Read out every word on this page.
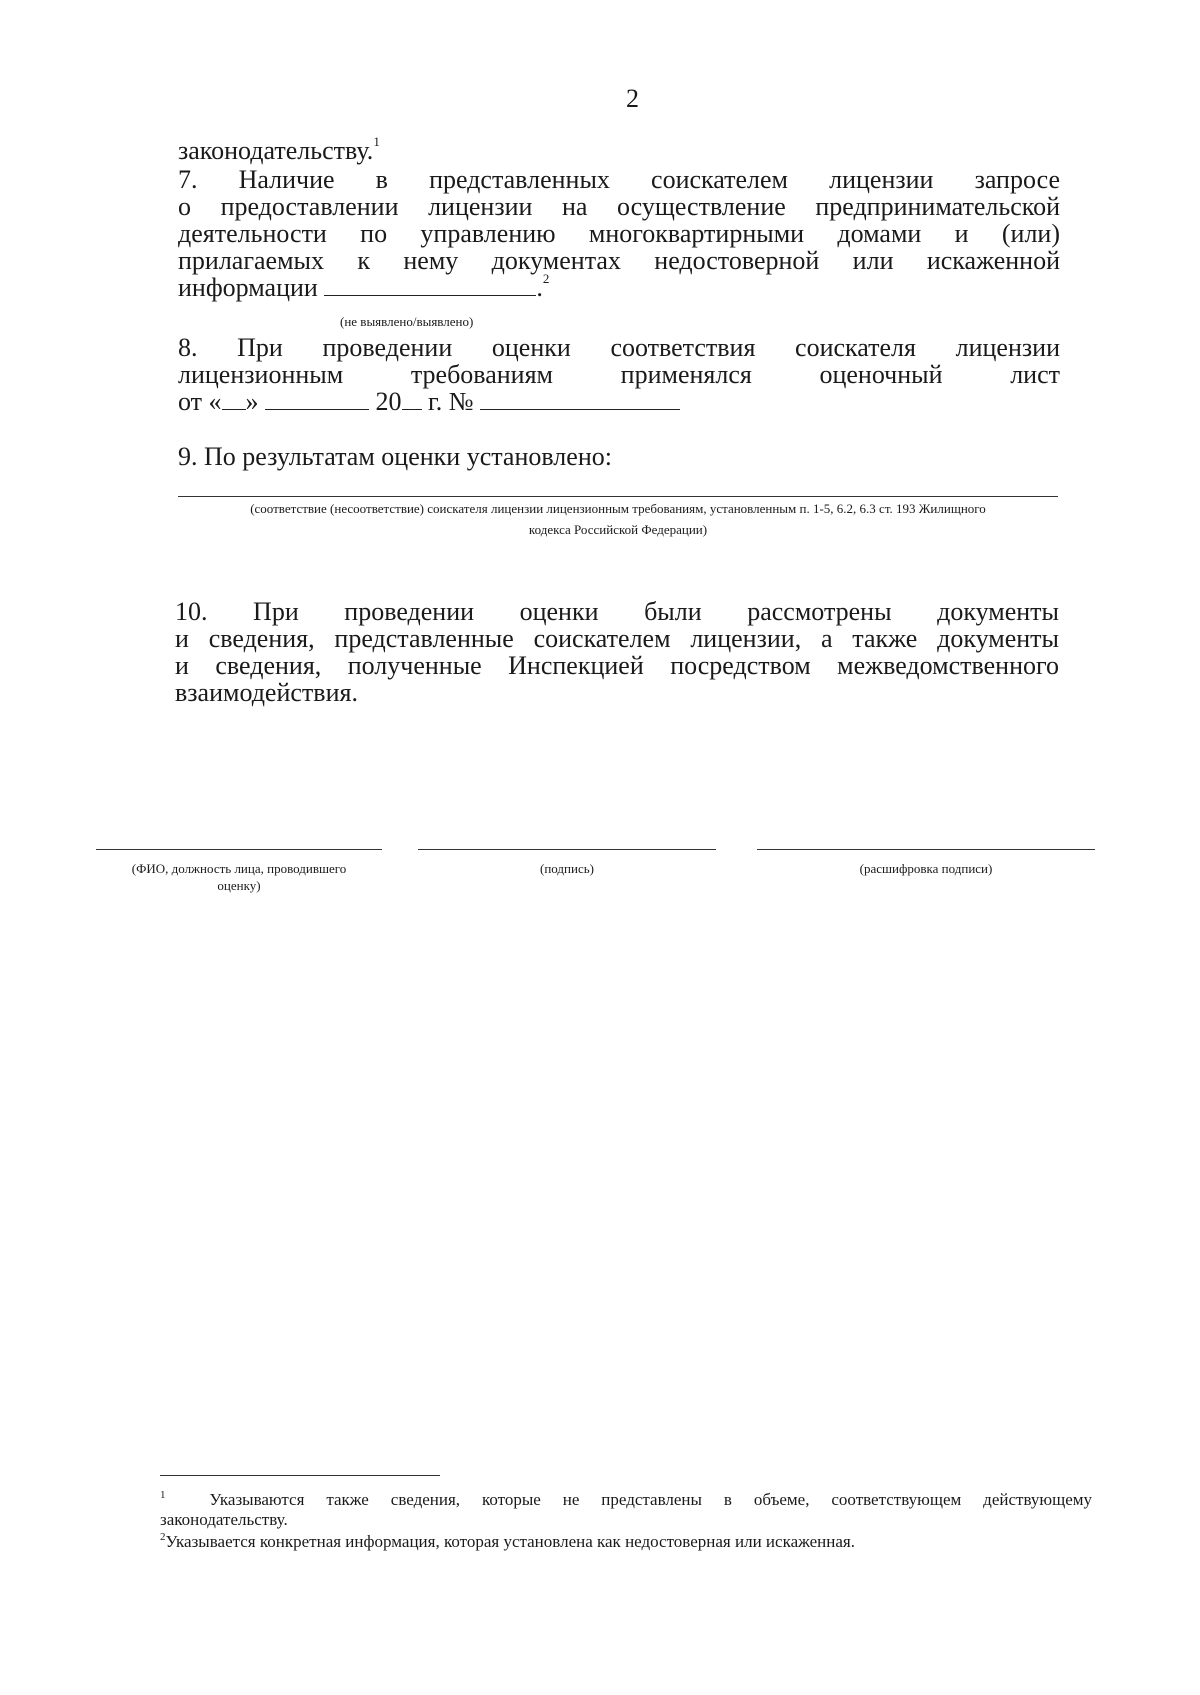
2
законодательству.$^1$
7. Наличие в представленных соискателем лицензии запросе
о предоставлении лицензии на осуществление предпринимательской
деятельности по управлению многоквартирными домами и (или)
прилагаемых к нему документах недостоверной или искаженной
информации	.$^2$
(не выявлено/выявлено)
8. При проведении оценки соответствия соискателя лицензии
лицензионным требованиям применялся оценочный лист
от « »	20 г. №
9. По результатам оценки установлено:
(соответствие (несоответствие) соискателя лицензии лицензионным требованиям, установленным п. 1-5, 6.2, 6.3 ст. 193 Жилищного
кодекса Российской Федерации)
10. При проведении оценки были рассмотрены документы
и сведения, представленные соискателем лицензии, а также документы
и сведения, полученные Инспекцией посредством межведомственного
взаимодействия.
(ФИО, должность лица, проводившего
оценку)
(подпись)	(расшифровка подписи)
$^1$	Указываются также сведения, которые не представлены в объеме, соответствующем действующему
законодательству.
$^2$Указывается конкретная информация, которая установлена как недостоверная или искаженная.
